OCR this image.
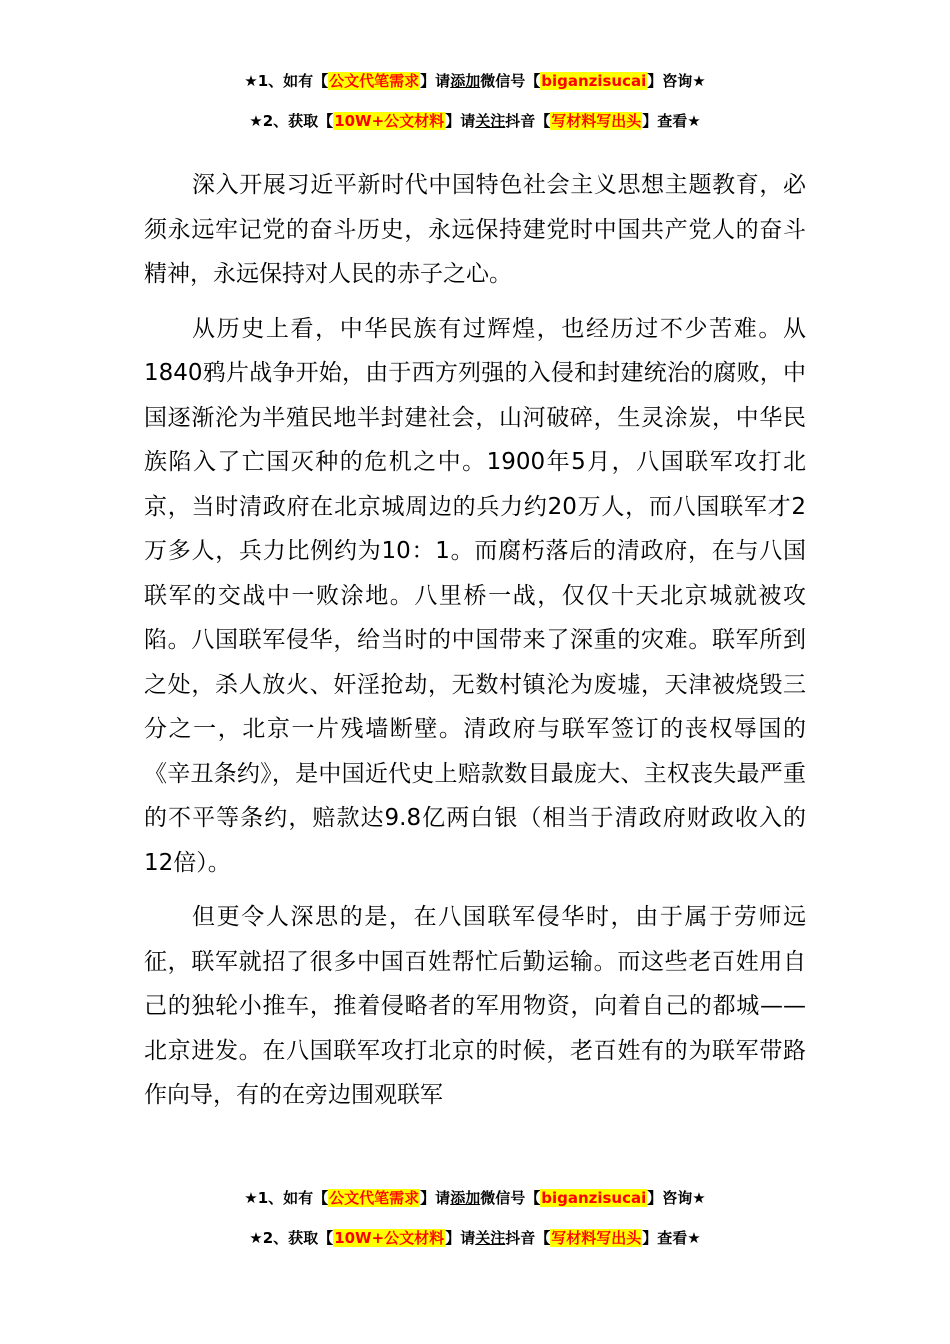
★1、如有【公文代笔需求】请添加微信号【biganzisucai】咨询★
★2、获取【10W+公文材料】请关注抖音【写材料写出头】查看★

深入开展习近平新时代中国特色社会主义思想主题教育，必须永远牢记党的奋斗历史，永远保持建党时中国共产党人的奋斗精神，永远保持对人民的赤子之心。

从历史上看，中华民族有过辉煌，也经历过不少苦难。从1840鸦片战争开始，由于西方列强的入侵和封建统治的腐败，中国逐渐沦为半殖民地半封建社会，山河破碎，生灵涂炭，中华民族陷入了亡国灭种的危机之中。1900年5月，八国联军攻打北京，当时清政府在北京城周边的兵力约20万人，而八国联军才2万多人，兵力比例约为10：1。而腐朽落后的清政府，在与八国联军的交战中一败涂地。八里桥一战，仅仅十天北京城就被攻陷。八国联军侵华，给当时的中国带来了深重的灾难。联军所到之处，杀人放火、奸淫抢劫，无数村镇沦为废墟，天津被烧毁三分之一，北京一片残墙断壁。清政府与联军签订的丧权辱国的《辛丑条约》，是中国近代史上赔款数目最庞大、主权丧失最严重的不平等条约，赔款达9.8亿两白银（相当于清政府财政收入的12倍）。

但更令人深思的是，在八国联军侵华时，由于属于劳师远征，联军就招了很多中国百姓帮忙后勤运输。而这些老百姓用自己的独轮小推车，推着侵略者的军用物资，向着自己的都城——北京进发。在八国联军攻打北京的时候，老百姓有的为联军带路作向导，有的在旁边围观联军

★1、如有【公文代笔需求】请添加微信号【biganzisucai】咨询★
★2、获取【10W+公文材料】请关注抖音【写材料写出头】查看★
